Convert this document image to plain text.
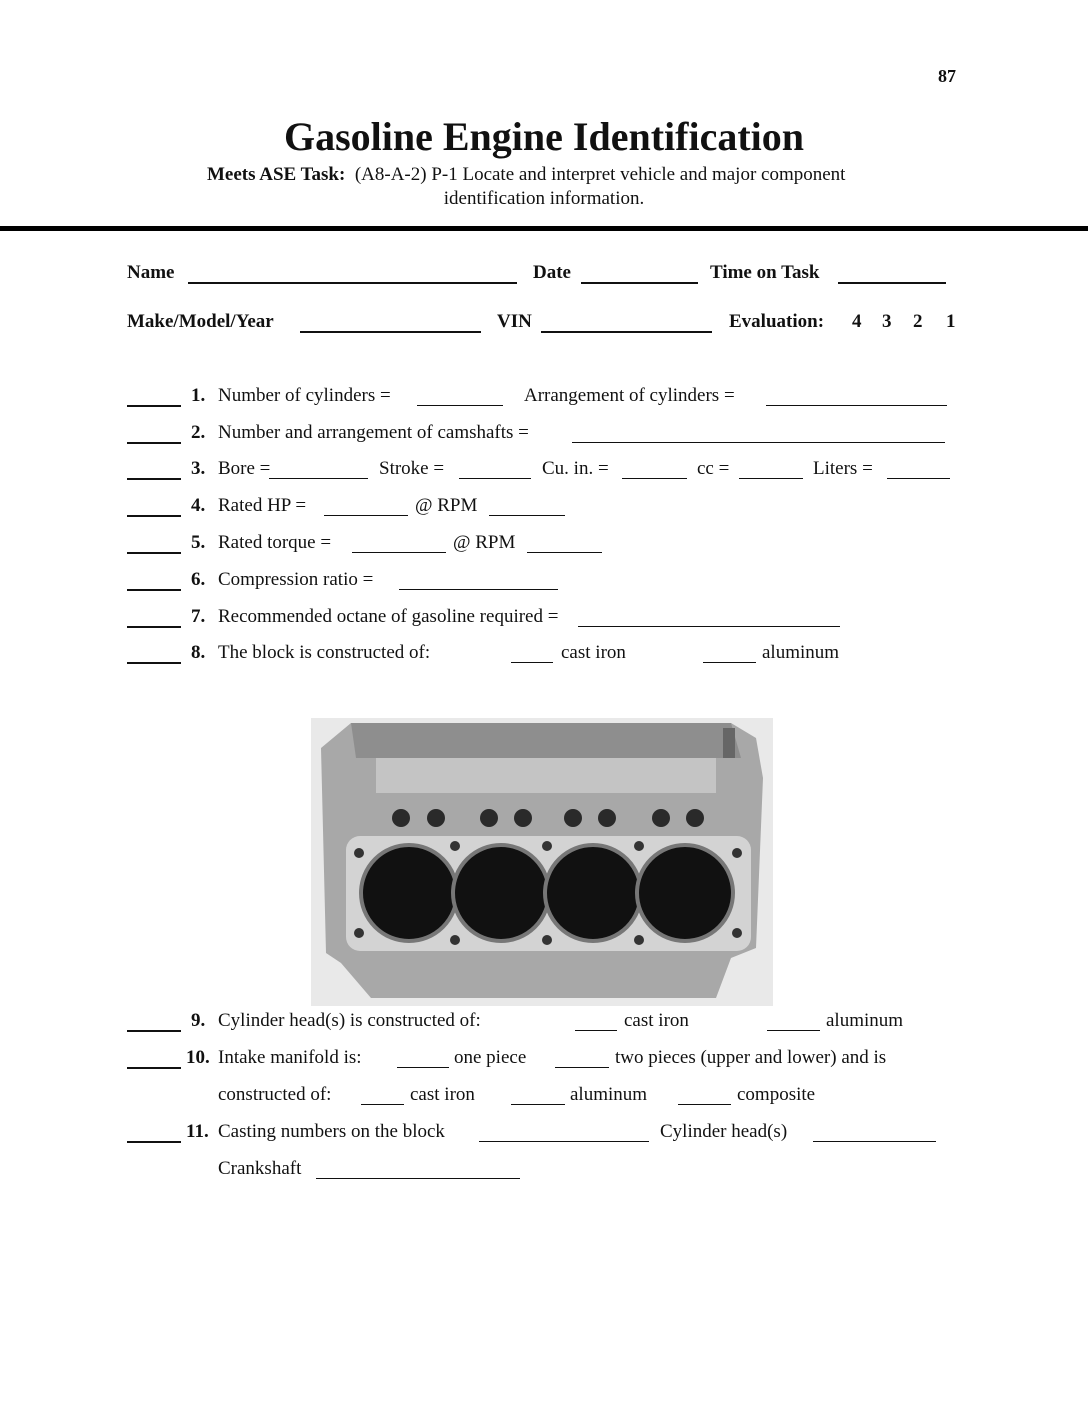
87
Gasoline Engine Identification
Meets ASE Task: (A8-A-2) P-1 Locate and interpret vehicle and major component
identification information.
Name	Date	Time on Task
Make/Model/Year	VIN	Evaluation: 4 3 2 1
1. Number of cylinders =	Arrangement of cylinders =
2. Number and arrangement of camshafts =
3. Bore =	Stroke =	Cu. in. =	cc =	Liters =
4. Rated HP =	@ RPM
5. Rated torque =	@ RPM
6. Compression ratio =
7. Recommended octane of gasoline required =
8. The block is constructed of:	cast iron	aluminum
9. Cylinder head(s) is constructed of:	cast iron	aluminum
10. Intake manifold is:	one piece	two pieces (upper and lower) and is
constructed of:	cast iron	aluminum	composite
11. Casting numbers on the block	Cylinder head(s)
Crankshaft
